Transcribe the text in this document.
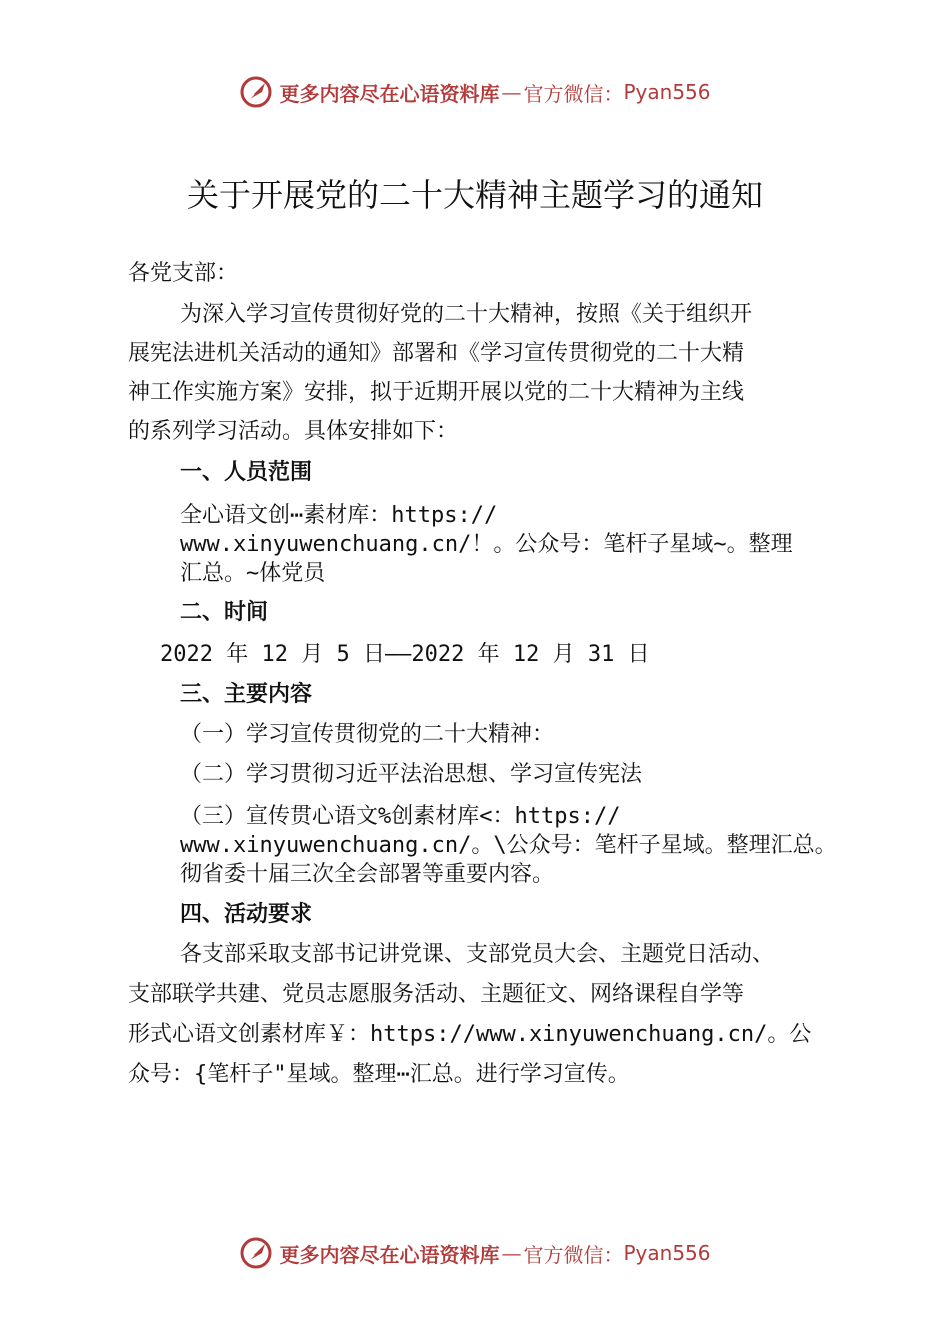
更多内容尽在心语资料库 — 官方微信： Pyan556
关于开展党的二十大精神主题学习的通知
各党支部：
为深入学习宣传贯彻好党的二十大精神，按照《关于组织开
展宪法进机关活动的通知》部署和《学习宣传贯彻党的二十大精
神工作实施方案》安排，拟于近期开展以党的二十大精神为主线
的系列学习活动。具体安排如下：
一、人员范围
全心语文创⋯素材库：https://
www.xinyuwenchuang.cn/！。公众号：笔杆子星域~。整理
汇总。~体党员
二、时间
2022 年 12 月 5 日——2022 年 12 月 31 日
三、主要内容
（一）学习宣传贯彻党的二十大精神：
（二）学习贯彻习近平法治思想、学习宣传宪法
（三）宣传贯心语文%创素材库<：https://
www.xinyuwenchuang.cn/。\公众号：笔杆子星域。整理汇总。
彻省委十届三次全会部署等重要内容。
四、活动要求
各支部采取支部书记讲党课、支部党员大会、主题党日活动、
支部联学共建、党员志愿服务活动、主题征文、网络课程自学等
形式心语文创素材库￥：https://www.xinyuwenchuang.cn/。公
众号：{笔杆子"星域。整理⋯汇总。进行学习宣传。
更多内容尽在心语资料库 — 官方微信： Pyan556
